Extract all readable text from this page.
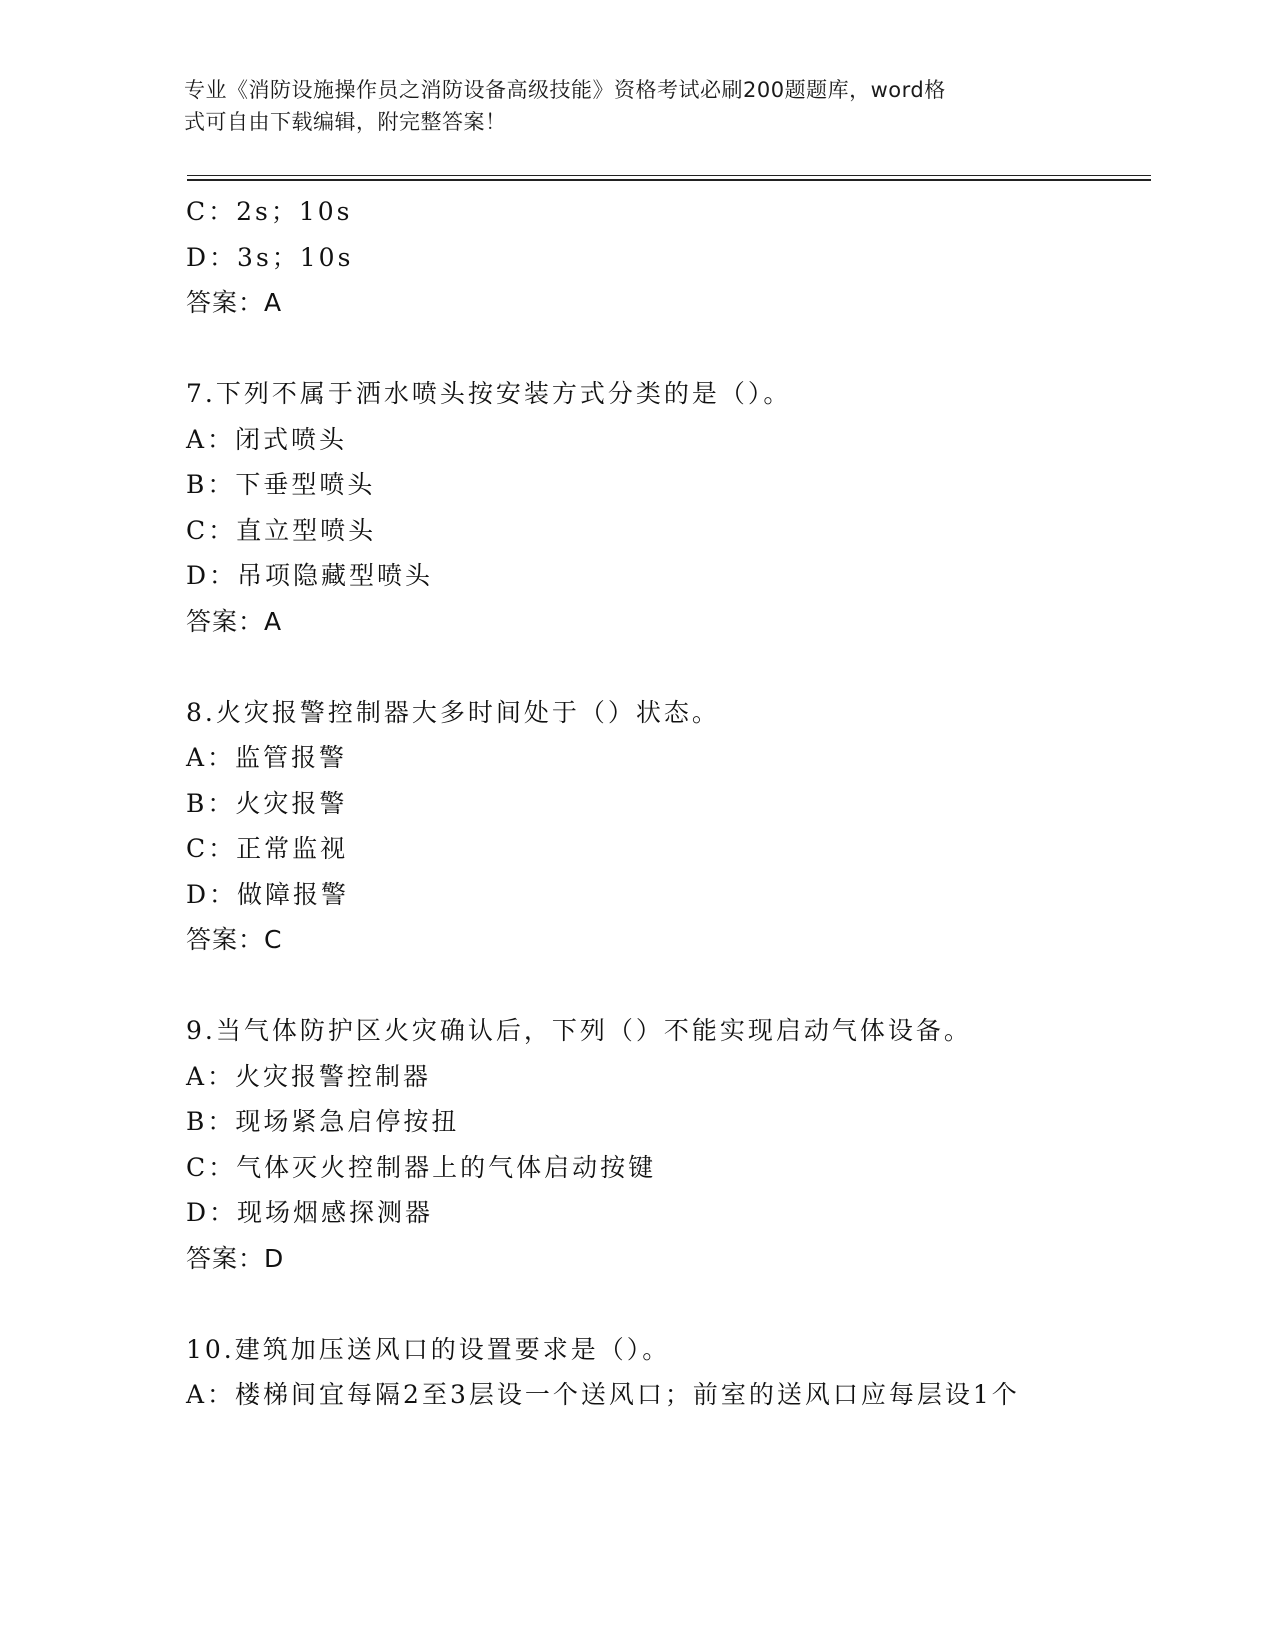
专业《消防设施操作员之消防设备高级技能》资格考试必刷200题题库，word格
式可自由下载编辑，附完整答案！
C：2s；10s
D：3s；10s
答案：A
7.下列不属于洒水喷头按安装方式分类的是（）。
A：闭式喷头
B：下垂型喷头
C：直立型喷头
D：吊项隐藏型喷头
答案：A
8.火灾报警控制器大多时间处于（）状态。
A：监管报警
B：火灾报警
C：正常监视
D：做障报警
答案：C
9.当气体防护区火灾确认后，下列（）不能实现启动气体设备。
A：火灾报警控制器
B：现场紧急启停按扭
C：气体灭火控制器上的气体启动按键
D：现场烟感探测器
答案：D
10.建筑加压送风口的设置要求是（）。
A：楼梯间宜每隔2至3层设一个送风口；前室的送风口应每层设1个
